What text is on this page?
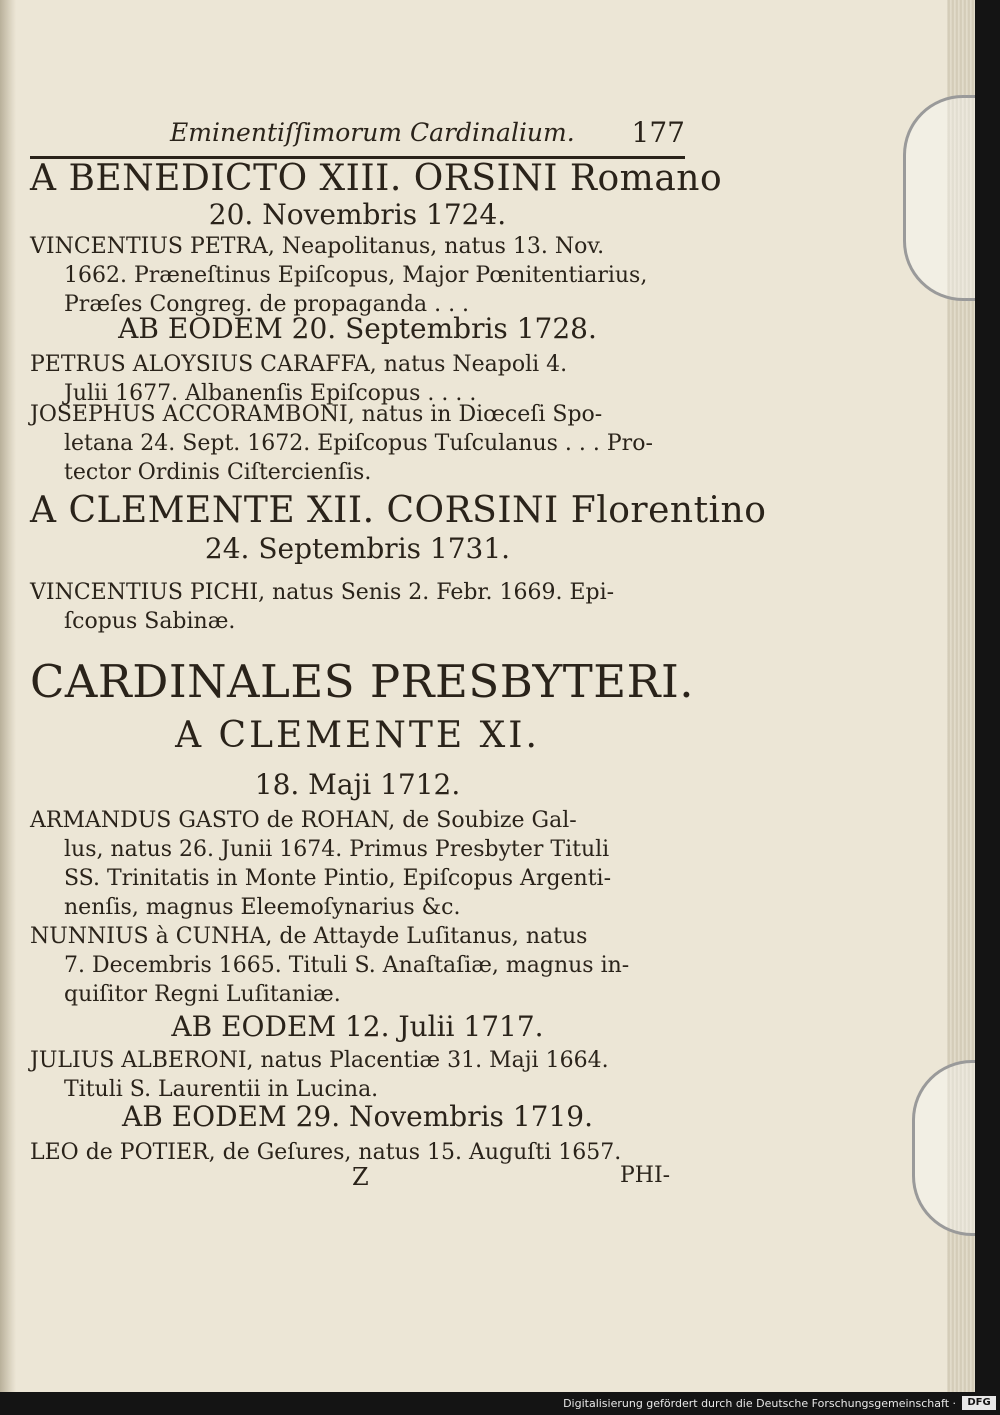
Eminentiſſimorum Cardinalium. 177
A BENEDICTO XIII. ORSINI Romano
20. Novembris 1724.
VINCENTIUS PETRA, Neapolitanus, natus 13. Nov.
1662. Præneſtinus Epiſcopus, Major Pœnitentiarius,
Præſes Congreg. de propaganda . . .
AB EODEM 20. Septembris 1728.
PETRUS ALOYSIUS CARAFFA, natus Neapoli 4.
Julii 1677. Albanenſis Epiſcopus . . . .
JOSEPHUS ACCORAMBONI, natus in Diœceſi Spo-
letana 24. Sept. 1672. Epiſcopus Tuſculanus . . . Pro-
tector Ordinis Ciſtercienſis.
A CLEMENTE XII. CORSINI Florentino
24. Septembris 1731.
VINCENTIUS PICHI, natus Senis 2. Febr. 1669. Epi-
ſcopus Sabinæ.
CARDINALES PRESBYTERI.
A CLEMENTE XI.
18. Maji 1712.
ARMANDUS GASTO de ROHAN, de Soubize Gal-
lus, natus 26. Junii 1674. Primus Presbyter Tituli
SS. Trinitatis in Monte Pintio, Epiſcopus Argenti-
nenſis, magnus Eleemoſynarius &c.
NUNNIUS à CUNHA, de Attayde Luſitanus, natus
7. Decembris 1665. Tituli S. Anaſtaſiæ, magnus in-
quiſitor Regni Luſitaniæ.
AB EODEM 12. Julii 1717.
JULIUS ALBERONI, natus Placentiæ 31. Maji 1664.
Tituli S. Laurentii in Lucina.
AB EODEM 29. Novembris 1719.
LEO de POTIER, de Geſures, natus 15. Auguſti 1657.
Z	PHI-
Digitalisierung gefördert durch die Deutsche Forschungsgemeinschaft ·	DFG
